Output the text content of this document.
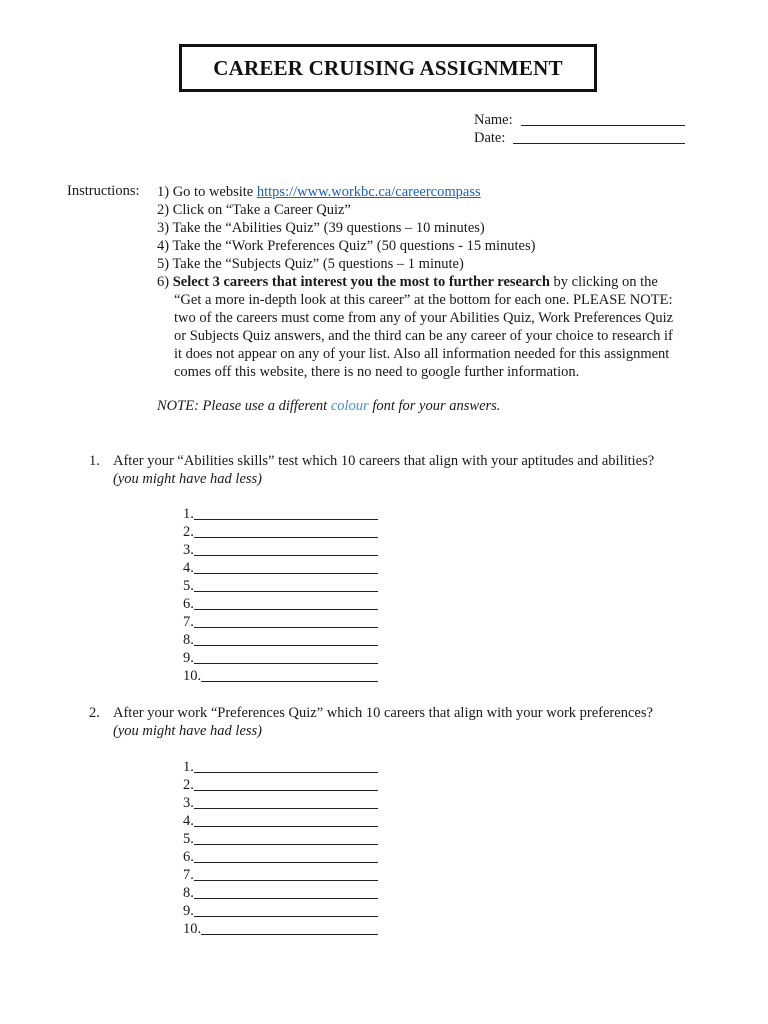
CAREER CRUISING ASSIGNMENT
Name:
Date:
Instructions: 1) Go to website https://www.workbc.ca/careercompass
2) Click on “Take a Career Quiz”
3) Take the “Abilities Quiz” (39 questions – 10 minutes)
4) Take the “Work Preferences Quiz” (50 questions - 15 minutes)
5) Take the “Subjects Quiz” (5 questions – 1 minute)
6) Select 3 careers that interest you the most to further research by clicking on the
“Get a more in-depth look at this career” at the bottom for each one. PLEASE NOTE:
two of the careers must come from any of your Abilities Quiz, Work Preferences Quiz
or Subjects Quiz answers, and the third can be any career of your choice to research if
it does not appear on any of your list. Also all information needed for this assignment
comes off this website, there is no need to google further information.
NOTE: Please use a different colour font for your answers.
1. After your “Abilities skills” test which 10 careers that align with your aptitudes and abilities?
(you might have had less)
1.
2.
3.
4.
5.
6.
7.
8.
9.
10.
2. After your work “Preferences Quiz” which 10 careers that align with your work preferences?
(you might have had less)
1.
2.
3.
4.
5.
6.
7.
8.
9.
10.
